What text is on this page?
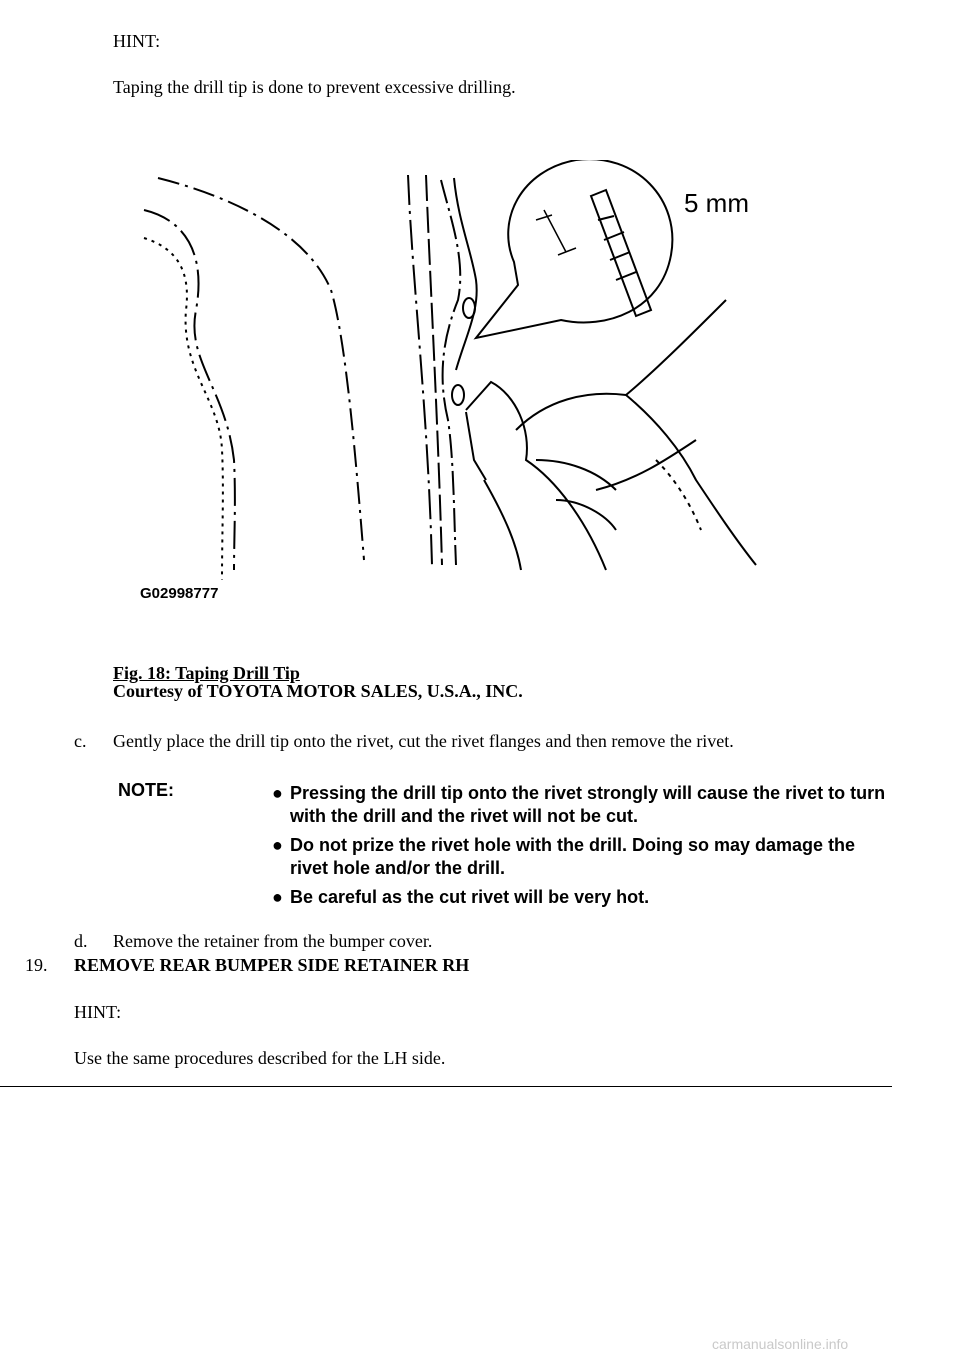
HINT:
Taping the drill tip is done to prevent excessive drilling.
5 mm
G02998777
Fig. 18: Taping Drill Tip
Courtesy of TOYOTA MOTOR SALES, U.S.A., INC.
c. Gently place the drill tip onto the rivet, cut the rivet flanges and then remove the rivet.
NOTE:	● Pressing the drill tip onto the rivet strongly will cause the rivet to turn with the drill and the rivet will not be cut.
● Do not prize the rivet hole with the drill. Doing so may damage the rivet hole and/or the drill.
● Be careful as the cut rivet will be very hot.
d. Remove the retainer from the bumper cover.
19. REMOVE REAR BUMPER SIDE RETAINER RH
HINT:
Use the same procedures described for the LH side.
carmanualsonline.info
